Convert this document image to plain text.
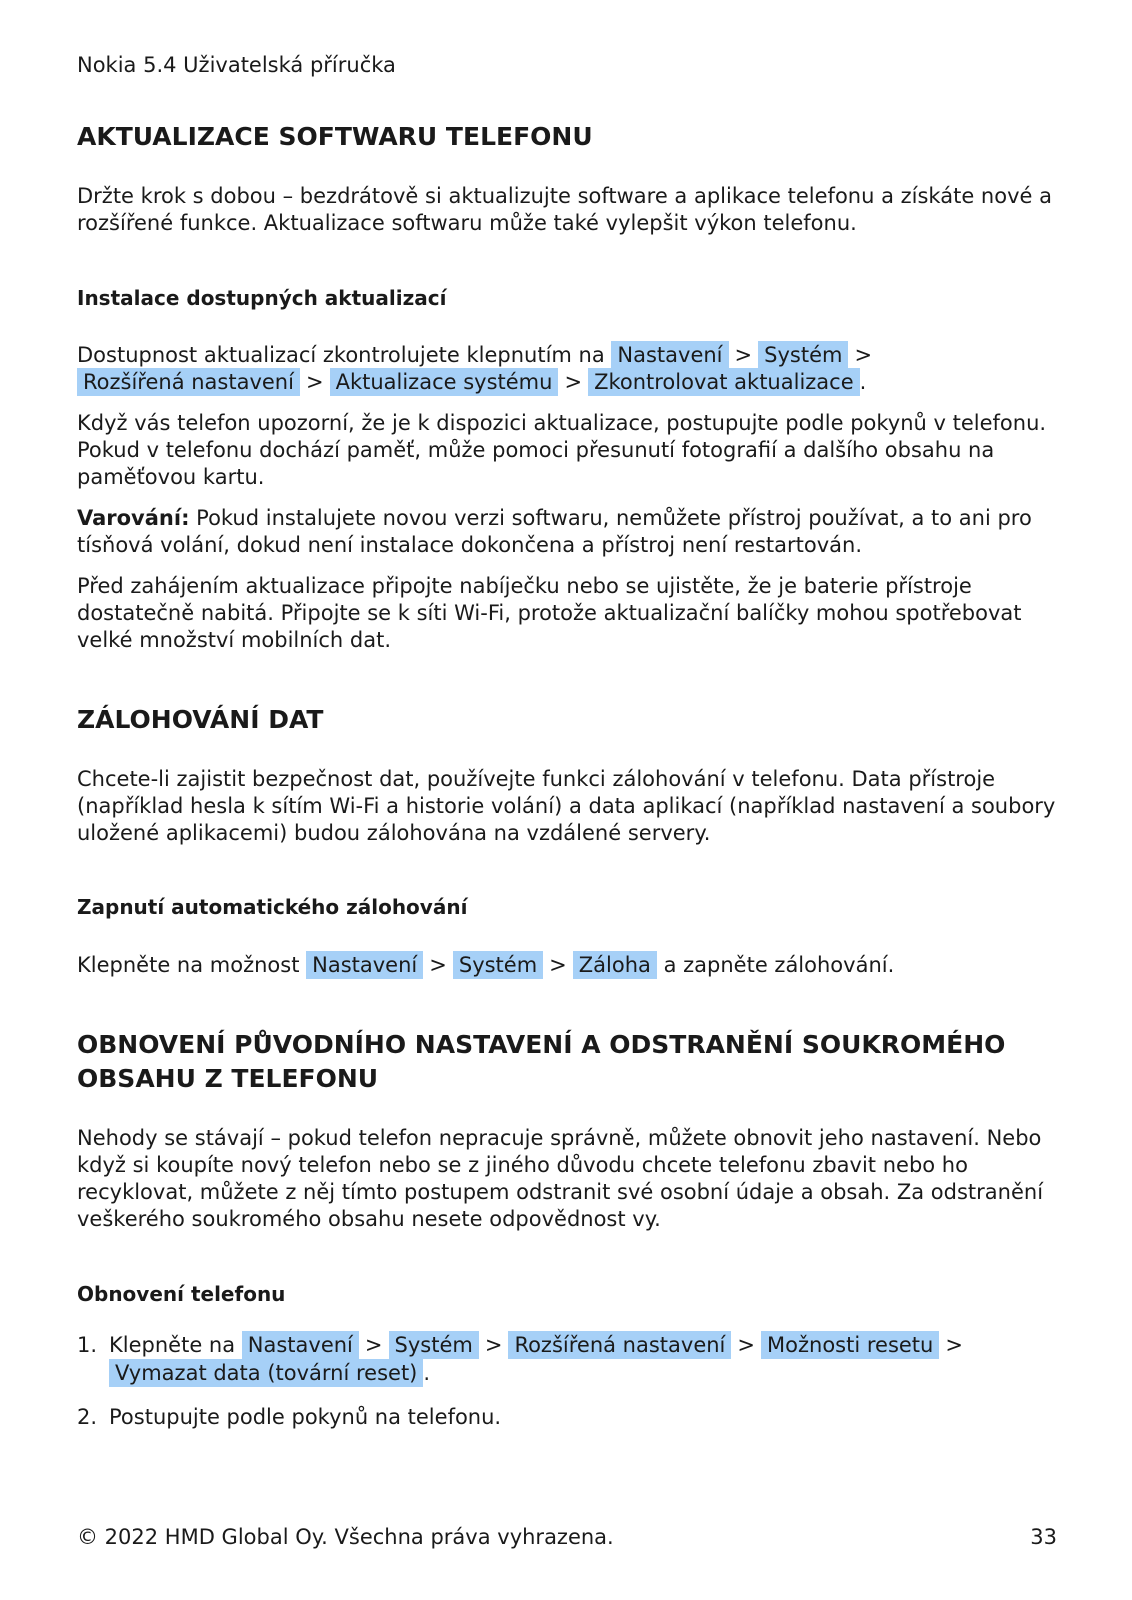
Nokia 5.4 Uživatelská příručka
AKTUALIZACE SOFTWARU TELEFONU

Držte krok s dobou – bezdrátově si aktualizujte software a aplikace telefonu a získáte nové a rozšířené funkce. Aktualizace softwaru může také vylepšit výkon telefonu.

Instalace dostupných aktualizací

Dostupnost aktualizací zkontrolujete klepnutím na Nastavení > Systém >
Rozšířená nastavení > Aktualizace systému > Zkontrolovat aktualizace .

Když vás telefon upozorní, že je k dispozici aktualizace, postupujte podle pokynů v telefonu. Pokud v telefonu dochází paměť, může pomoci přesunutí fotografií a dalšího obsahu na paměťovou kartu.

Varování: Pokud instalujete novou verzi softwaru, nemůžete přístroj používat, a to ani pro tísňová volání, dokud není instalace dokončena a přístroj není restartován.

Před zahájením aktualizace připojte nabíječku nebo se ujistěte, že je baterie přístroje dostatečně nabitá. Připojte se k síti Wi-Fi, protože aktualizační balíčky mohou spotřebovat velké množství mobilních dat.

ZÁLOHOVÁNÍ DAT

Chcete-li zajistit bezpečnost dat, používejte funkci zálohování v telefonu. Data přístroje (například hesla k sítím Wi-Fi a historie volání) a data aplikací (například nastavení a soubory uložené aplikacemi) budou zálohována na vzdálené servery.

Zapnutí automatického zálohování

Klepněte na možnost Nastavení > Systém > Záloha a zapněte zálohování.

OBNOVENÍ PŮVODNÍHO NASTAVENÍ A ODSTRANĚNÍ SOUKROMÉHO OBSAHU Z TELEFONU

Nehody se stávají – pokud telefon nepracuje správně, můžete obnovit jeho nastavení. Nebo když si koupíte nový telefon nebo se z jiného důvodu chcete telefonu zbavit nebo ho recyklovat, můžete z něj tímto postupem odstranit své osobní údaje a obsah. Za odstranění veškerého soukromého obsahu nesete odpovědnost vy.

Obnovení telefonu
1. Klepněte na Nastavení > Systém > Rozšířená nastavení > Možnosti resetu >
Vymazat data (tovární reset) .
2. Postupujte podle pokynů na telefonu.
© 2022 HMD Global Oy. Všechna práva vyhrazena.	33
